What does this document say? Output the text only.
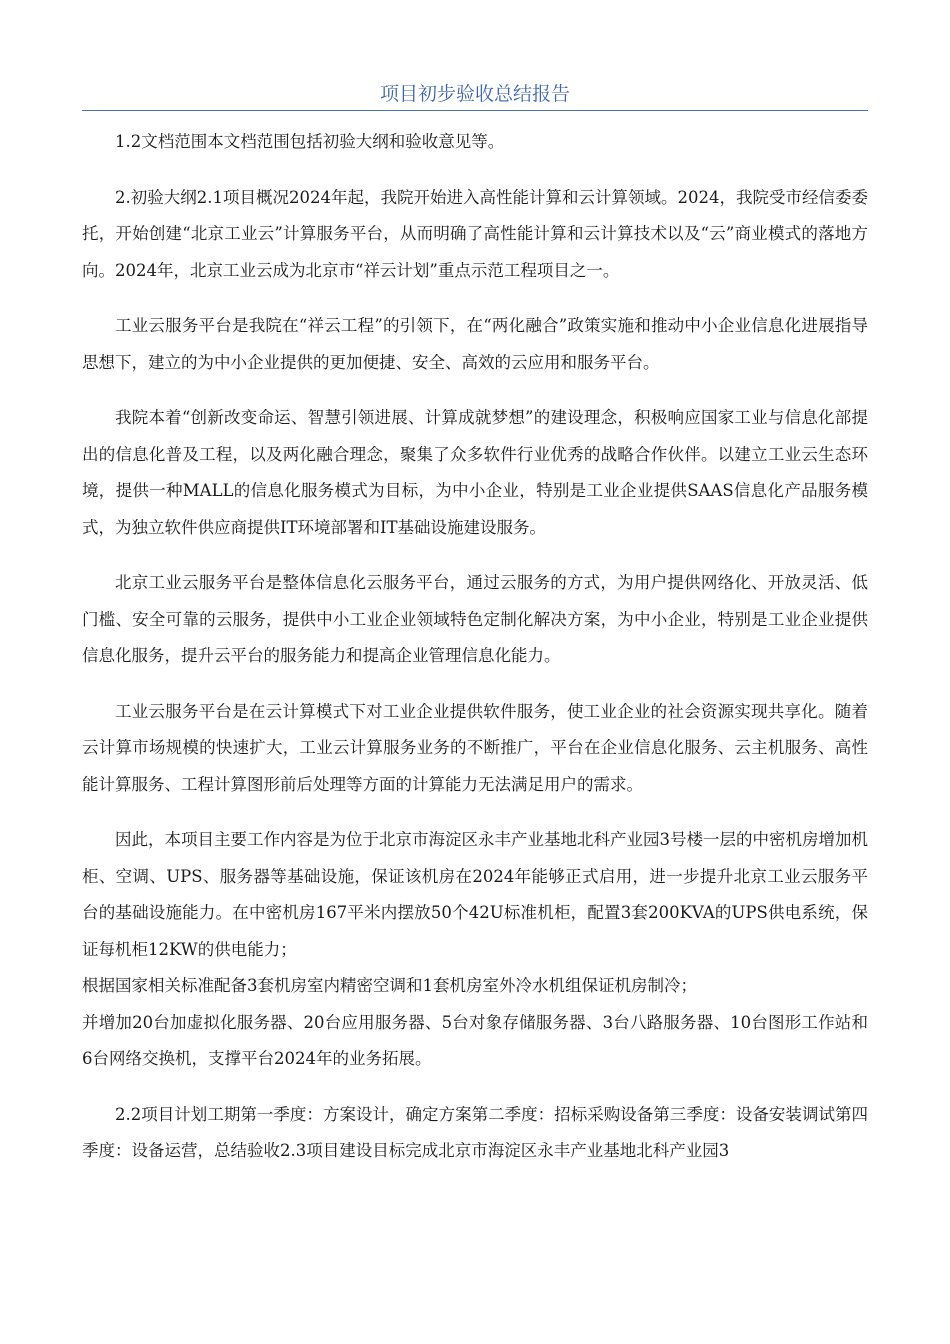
项目初步验收总结报告

1.2文档范围本文档范围包括初验大纲和验收意见等。

2.初验大纲2.1项目概况2024年起，我院开始进入高性能计算和云计算领域。2024，我院受市经信委委托，开始创建“北京工业云”计算服务平台，从而明确了高性能计算和云计算技术以及“云”商业模式的落地方向。2024年，北京工业云成为北京市“祥云计划”重点示范工程项目之一。

工业云服务平台是我院在“祥云工程”的引领下，在“两化融合”政策实施和推动中小企业信息化进展指导思想下，建立的为中小企业提供的更加便捷、安全、高效的云应用和服务平台。

我院本着“创新改变命运、智慧引领进展、计算成就梦想”的建设理念，积极响应国家工业与信息化部提出的信息化普及工程，以及两化融合理念，聚集了众多软件行业优秀的战略合作伙伴。以建立工业云生态环境，提供一种MALL的信息化服务模式为目标，为中小企业，特别是工业企业提供SAAS信息化产品服务模式，为独立软件供应商提供IT环境部署和IT基础设施建设服务。

北京工业云服务平台是整体信息化云服务平台，通过云服务的方式，为用户提供网络化、开放灵活、低门槛、安全可靠的云服务，提供中小工业企业领域特色定制化解决方案，为中小企业，特别是工业企业提供信息化服务，提升云平台的服务能力和提高企业管理信息化能力。

工业云服务平台是在云计算模式下对工业企业提供软件服务，使工业企业的社会资源实现共享化。随着云计算市场规模的快速扩大，工业云计算服务业务的不断推广，平台在企业信息化服务、云主机服务、高性能计算服务、工程计算图形前后处理等方面的计算能力无法满足用户的需求。

因此，本项目主要工作内容是为位于北京市海淀区永丰产业基地北科产业园3号楼一层的中密机房增加机柜、空调、UPS、服务器等基础设施，保证该机房在2024年能够正式启用，进一步提升北京工业云服务平台的基础设施能力。在中密机房167平米内摆放50个42U标准机柜，配置3套200KVA的UPS供电系统，保证每机柜12KW的供电能力；

根据国家相关标准配备3套机房室内精密空调和1套机房室外冷水机组保证机房制冷；

并增加20台加虚拟化服务器、20台应用服务器、5台对象存储服务器、3台八路服务器、10台图形工作站和6台网络交换机，支撑平台2024年的业务拓展。

2.2项目计划工期第一季度：方案设计，确定方案第二季度：招标采购设备第三季度：设备安装调试第四季度：设备运营，总结验收2.3项目建设目标完成北京市海淀区永丰产业基地北科产业园3
